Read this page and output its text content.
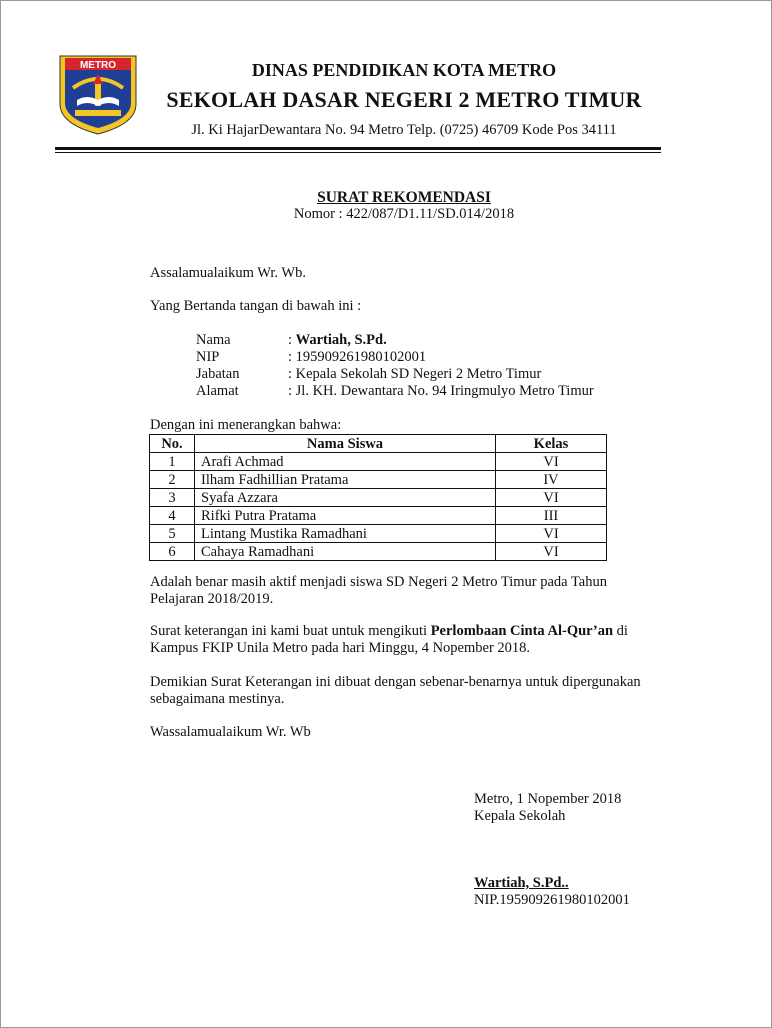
METRO	DINAS PENDIDIKAN KOTA METRO
SEKOLAH DASAR NEGERI 2 METRO TIMUR
Jl. Ki HajarDewantara No. 94 Metro Telp. (0725) 46709 Kode Pos 34111
SURAT REKOMENDASI
Nomor : 422/087/D1.11/SD.014/2018
Assalamualaikum Wr. Wb.
Yang Bertanda tangan di bawah ini :
Nama	: Wartiah, S.Pd.
NIP	: 195909261980102001
Jabatan	: Kepala Sekolah SD Negeri 2 Metro Timur
Alamat	: Jl. KH. Dewantara No. 94 Iringmulyo Metro Timur
Dengan ini menerangkan bahwa:
No.	Nama Siswa	Kelas
1	Arafi Achmad	VI
2	Ilham Fadhillian Pratama	IV
3	Syafa Azzara	VI
4	Rifki Putra Pratama	III
5	Lintang Mustika Ramadhani	VI
6	Cahaya Ramadhani	VI
Adalah benar masih aktif menjadi siswa SD Negeri 2 Metro Timur pada Tahun Pelajaran 2018/2019.
Surat keterangan ini kami buat untuk mengikuti Perlombaan Cinta Al-Qur’an di Kampus FKIP Unila Metro pada hari Minggu, 4 Nopember 2018.
Demikian Surat Keterangan ini dibuat dengan sebenar-benarnya untuk dipergunakan sebagaimana mestinya.
Wassalamualaikum Wr. Wb
Metro, 1 Nopember 2018
Kepala Sekolah
Wartiah, S.Pd..
NIP.195909261980102001
